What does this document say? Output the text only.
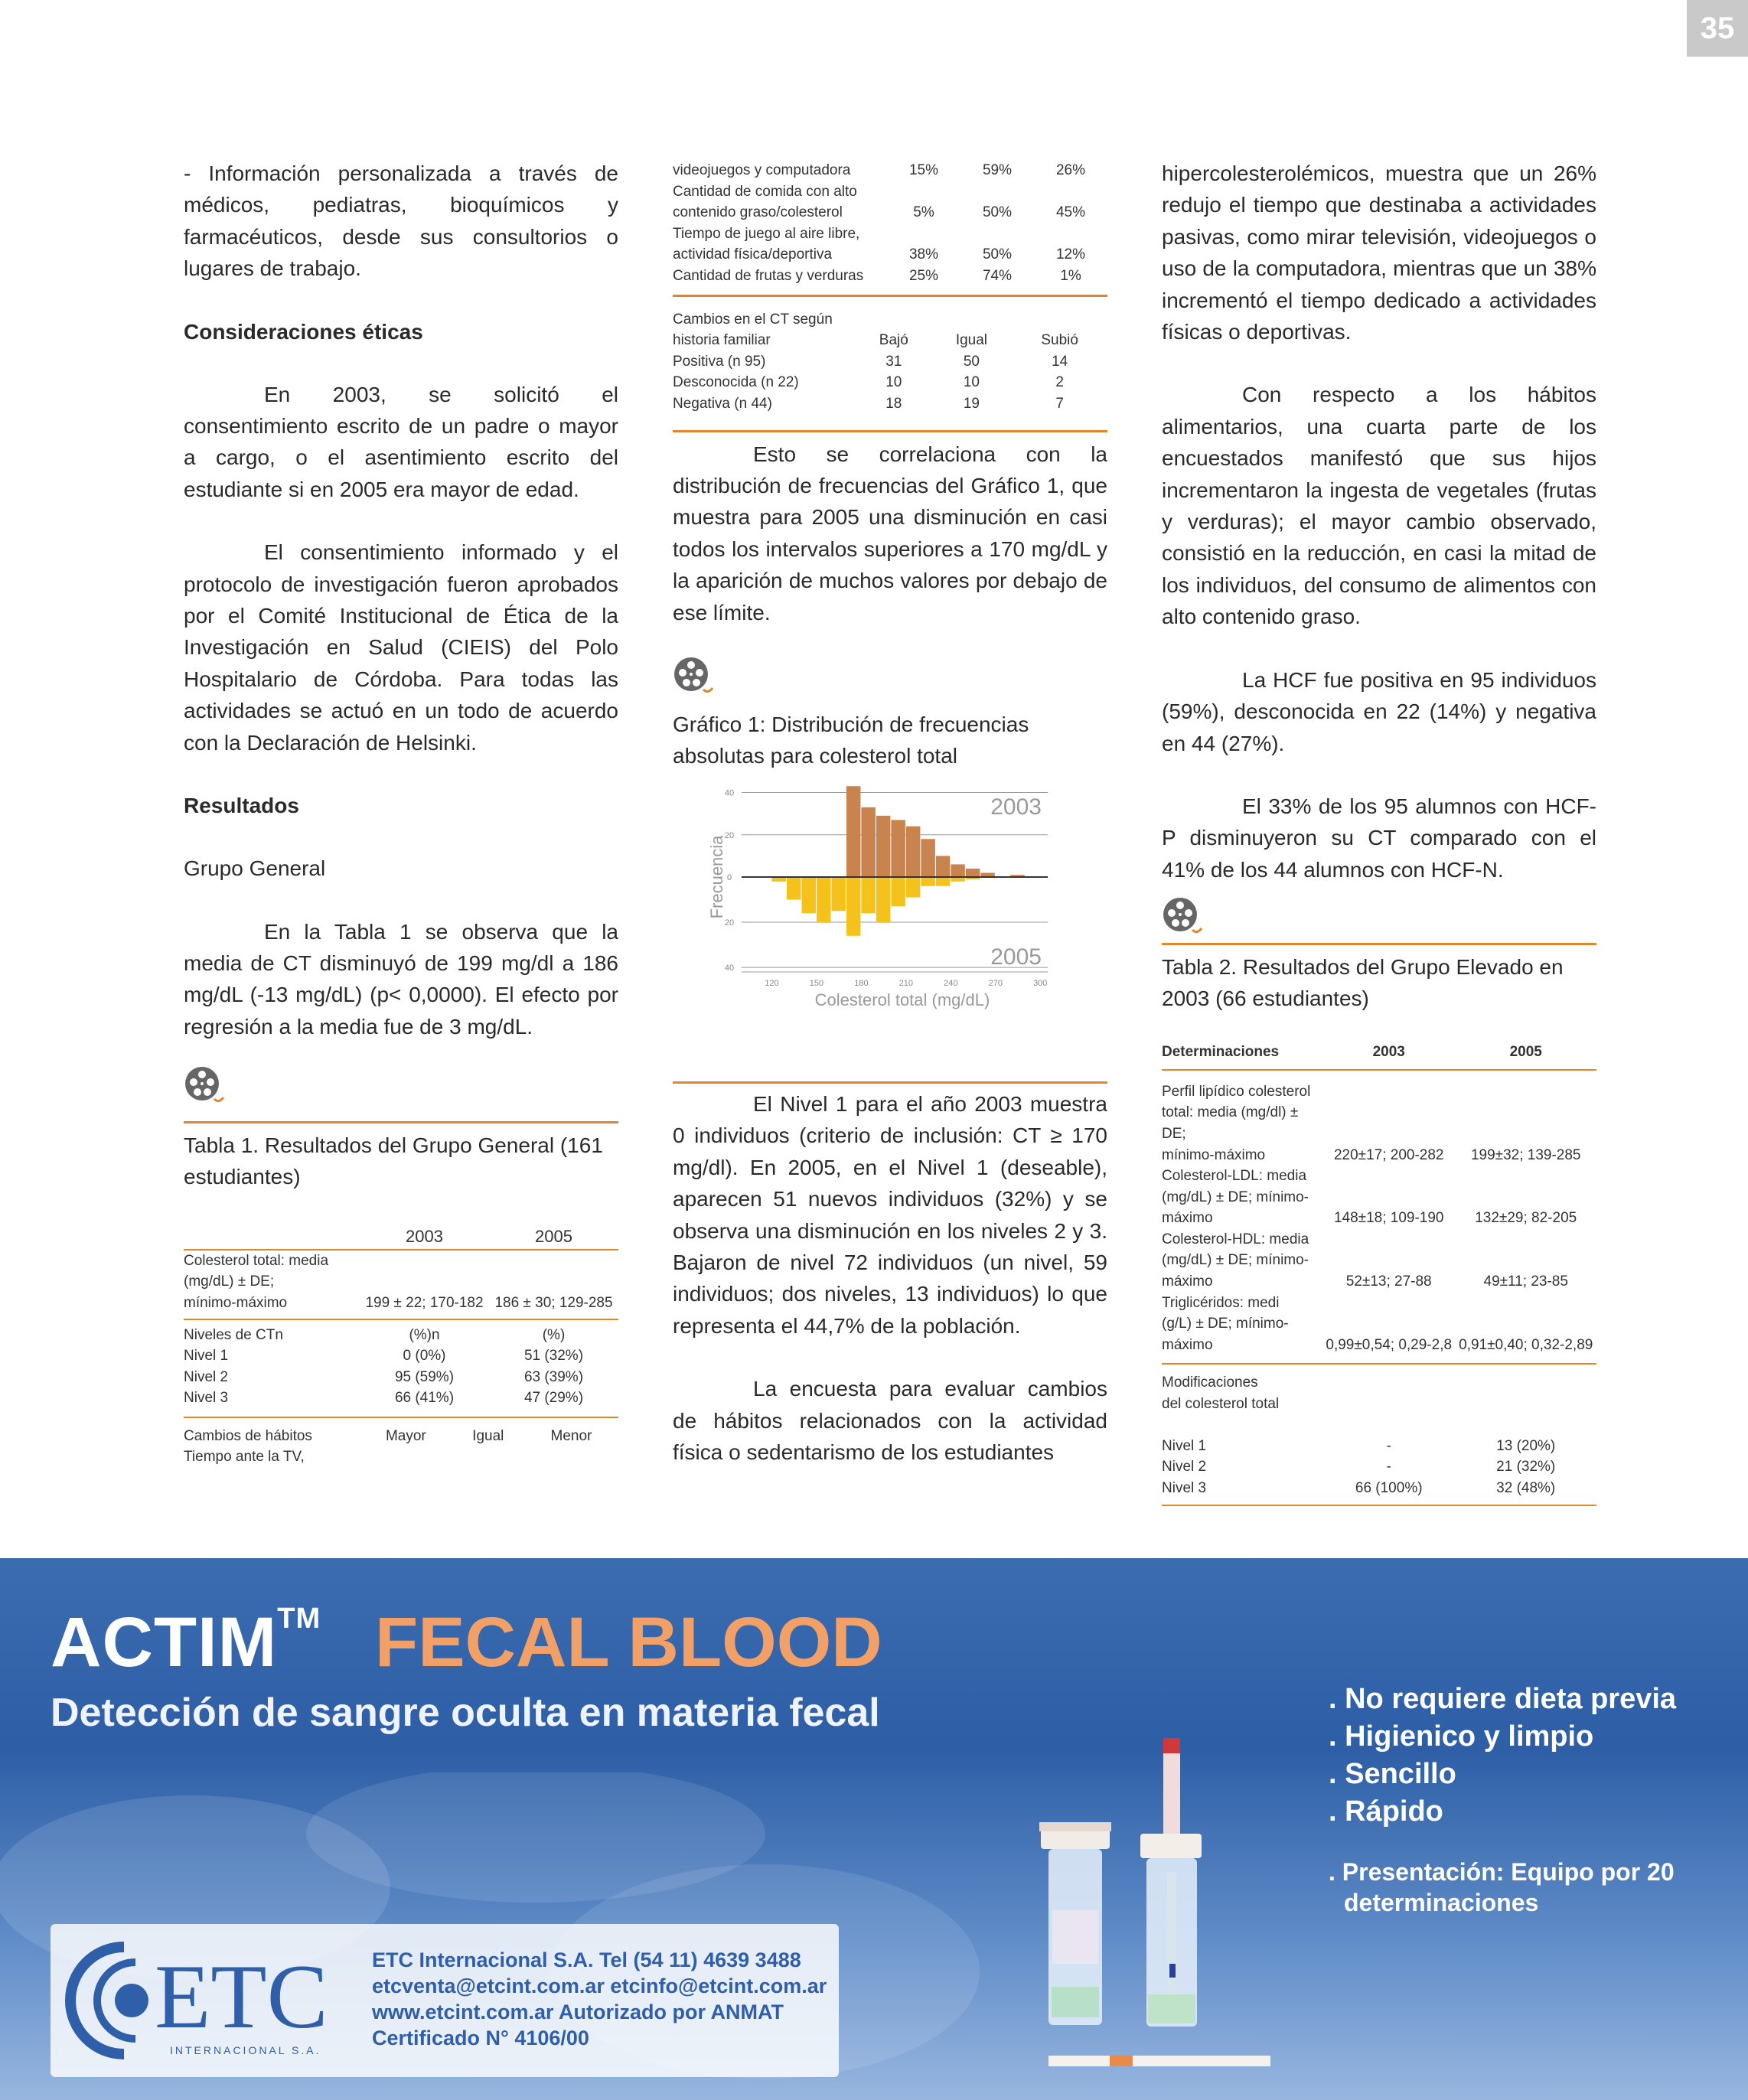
35

- Información personalizada a través de médicos, pediatras, bioquímicos y farmacéuticos, desde sus consultorios o lugares de trabajo.

Consideraciones éticas

En 2003, se solicitó el consentimiento escrito de un padre o mayor a cargo, o el asentimiento escrito del estudiante si en 2005 era mayor de edad.

El consentimiento informado y el protocolo de investigación fueron aprobados por el Comité Institucional de Ética de la Investigación en Salud (CIEIS) del Polo Hospitalario de Córdoba. Para todas las actividades se actuó en un todo de acuerdo con la Declaración de Helsinki.

Resultados

Grupo General

En la Tabla 1 se observa que la media de CT disminuyó de 199 mg/dl a 186 mg/dL (-13 mg/dL) (p< 0,0000). El efecto por regresión a la media fue de 3 mg/dL.

Tabla 1. Resultados del Grupo General (161 estudiantes)

	2003	2005

Colesterol total: media		
(mg/dL) ± DE;		
mínimo-máximo	199 ± 22; 170-182	186 ± 30; 129-285

Niveles de CTn	(%)n	(%)
Nivel 1	0 (0%)	51 (32%)
Nivel 2	95 (59%)	63 (39%)
Nivel 3	66 (41%)	47 (29%)

Cambios de hábitos	Mayor	Igual	Menor
Tiempo ante la TV,
videojuegos y computadora	15%	59%	26%
Cantidad de comida con alto
contenido graso/colesterol	5%	50%	45%
Tiempo de juego al aire libre,
actividad física/deportiva	38%	50%	12%
Cantidad de frutas y verduras	25%	74%	1%
Cambios en el CT según			
historia familiar	Bajó	Igual	Subió
Positiva (n 95)	31	50	14
Desconocida (n 22)	10	10	2
Negativa (n 44)	18	19	7

Esto se correlaciona con la distribución de frecuencias del Gráfico 1, que muestra para 2005 una disminución en casi todos los intervalos superiores a 170 mg/dL y la aparición de muchos valores por debajo de ese límite.

Gráfico 1: Distribución de frecuencias absolutas para colesterol total

40
20
0
20
40
120	150	180	210	240	270	300
Colesterol total (mg/dL)
Frecuencia
2003
2005

El Nivel 1 para el año 2003 muestra 0 individuos (criterio de inclusión: CT ≥ 170 mg/dl). En 2005, en el Nivel 1 (deseable), aparecen 51 nuevos individuos (32%) y se observa una disminución en los niveles 2 y 3. Bajaron de nivel 72 individuos (un nivel, 59 individuos; dos niveles, 13 individuos) lo que representa el 44,7% de la población.

La encuesta para evaluar cambios de hábitos relacionados con la actividad física o sedentarismo de los estudiantes

hipercolesterolémicos, muestra que un 26% redujo el tiempo que destinaba a actividades pasivas, como mirar televisión, videojuegos o uso de la computadora, mientras que un 38% incrementó el tiempo dedicado a actividades físicas o deportivas.

Con respecto a los hábitos alimentarios, una cuarta parte de los encuestados manifestó que sus hijos incrementaron la ingesta de vegetales (frutas y verduras); el mayor cambio observado, consistió en la reducción, en casi la mitad de los individuos, del consumo de alimentos con alto contenido graso.

La HCF fue positiva en 95 individuos (59%), desconocida en 22 (14%) y negativa en 44 (27%).

El 33% de los 95 alumnos con HCF-P disminuyeron su CT comparado con el 41% de los 44 alumnos con HCF-N.

Tabla 2. Resultados del Grupo Elevado en 2003 (66 estudiantes)

Determinaciones	2003	2005

Perfil lipídico colesterol
total: media (mg/dl) ± DE;
mínimo-máximo	220±17; 200-282	199±32; 139-285
Colesterol-LDL: media
(mg/dL) ± DE; mínimo-
máximo	148±18; 109-190	132±29; 82-205
Colesterol-HDL: media
(mg/dL) ± DE; mínimo-
máximo	52±13; 27-88	49±11; 23-85
Triglicéridos: medi
(g/L) ± DE; mínimo-
máximo	0,99±0,54; 0,29-2,8	0,91±0,40; 0,32-2,89

Modificaciones		
del colesterol total		

Nivel 1	-	13 (20%)
Nivel 2	-	21 (32%)
Nivel 3	66 (100%)	32 (48%)

ACTIM™ FECAL BLOOD
Detección de sangre oculta en materia fecal	. No requiere dieta previa
. Higienico y limpio
. Sencillo
. Rápido
. Presentación: Equipo por 20
determinaciones
ETC
INTERNACIONAL S.A.
ETC Internacional S.A. Tel (54 11) 4639 3488
etcventa@etcint.com.ar etcinfo@etcint.com.ar
www.etcint.com.ar Autorizado por ANMAT
Certificado N° 4106/00
